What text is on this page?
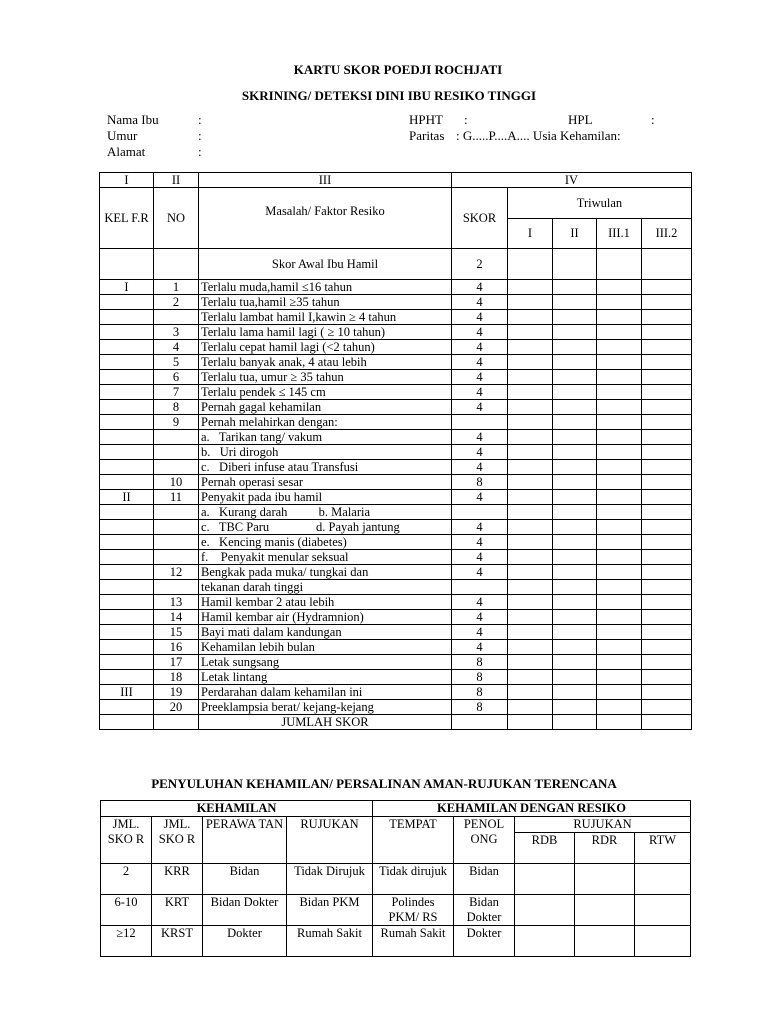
KARTU SKOR POEDJI ROCHJATI
SKRINING/ DETEKSI DINI IBU RESIKO TINGGI
Nama Ibu	:
Umur	:
Alamat	:
HPHT :	HPL	:
Paritas : G.....P....A.... Usia Kehamilan:
I	II	III	IV				
KEL F.R	NO	Masalah/ Faktor Resiko	SKOR	Triwulan			
				I	II	III.1	III.2
		Skor Awal Ibu Hamil	2				
I	1	Terlalu muda,hamil ≤16 tahun	4				
	2	Terlalu tua,hamil ≥35 tahun	4				
		Terlalu lambat hamil I,kawin ≥ 4 tahun	4				
	3	Terlalu lama hamil lagi ( ≥ 10 tahun)	4				
	4	Terlalu cepat hamil lagi (<2 tahun)	4				
	5	Terlalu banyak anak, 4 atau lebih	4				
	6	Terlalu tua, umur ≥ 35 tahun	4				
	7	Terlalu pendek ≤ 145 cm	4				
	8	Pernah gagal kehamilan	4				
	9	Pernah melahirkan dengan:					
		a.   Tarikan tang/ vakum	4				
		b.   Uri dirogoh	4				
		c.   Diberi infuse atau Transfusi	4				
	10	Pernah operasi sesar	8				
II	11	Penyakit pada ibu hamil	4				
		a.   Kurang darah          b. Malaria					
		c.   TBC Paru               d. Payah jantung	4				
		e.   Kencing manis (diabetes)	4				
		f.    Penyakit menular seksual	4				
	12	Bengkak pada muka/ tungkai dan	4				
		tekanan darah tinggi					
	13	Hamil kembar 2 atau lebih	4				
	14	Hamil kembar air (Hydramnion)	4				
	15	Bayi mati dalam kandungan	4				
	16	Kehamilan lebih bulan	4				
	17	Letak sungsang	8				
	18	Letak lintang	8				
III	19	Perdarahan dalam kehamilan ini	8				
	20	Preeklampsia berat/ kejang-kejang	8				
		JUMLAH SKOR					
PENYULUHAN KEHAMILAN/ PERSALINAN AMAN-RUJUKAN TERENCANA
KEHAMILAN				KEHAMILAN DENGAN RESIKO				
JML. SKO R	JML. SKO R	PERAWA TAN	RUJUKAN	TEMPAT	PENOL ONG	RUJUKAN		
						RDB	RDR	RTW
2	KRR	Bidan	Tidak Dirujuk	Tidak dirujuk	Bidan			
6-10	KRT	Bidan Dokter	Bidan PKM	Polindes PKM/ RS	Bidan Dokter			
≥12	KRST	Dokter	Rumah Sakit	Rumah Sakit	Dokter			
